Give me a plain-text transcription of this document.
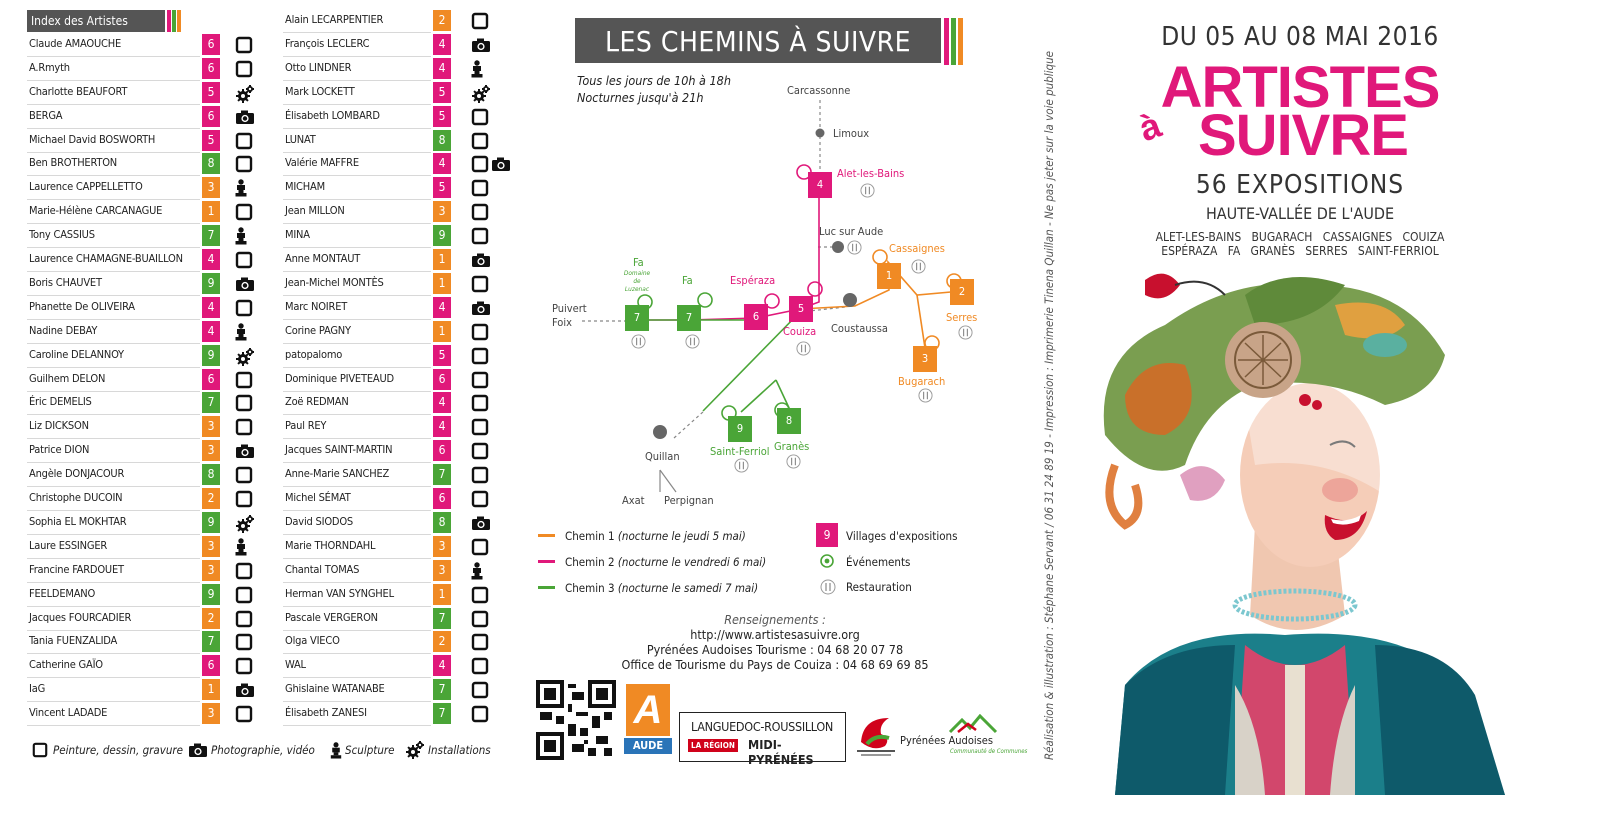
Index des Artistes
Claude AMAOUCHE	6
A.Rmyth	6
Charlotte BEAUFORT	5
BERGA	6
Michael David BOSWORTH	5
Ben BROTHERTON	8
Laurence CAPPELLETTO	3
Marie-Hélène CARCANAGUE	1
Tony CASSIUS	7
Laurence CHAMAGNE-BUAILLON	4
Boris CHAUVET	9
Phanette De OLIVEIRA	4
Nadine DEBAY	4
Caroline DELANNOY	9
Guilhem DELON	6
Éric DEMELIS	7
Liz DICKSON	3
Patrice DION	3
Angèle DONJACOUR	8
Christophe DUCOIN	2
Sophia EL MOKHTAR	9
Laure ESSINGER	3
Francine FARDOUET	3
FEELDEMANO	9
Jacques FOURCADIER	2
Tania FUENZALIDA	7
Catherine GAÏO	6
IaG	1
Vincent LADADE	3
Alain LECARPENTIER	2
François LECLERC	4
Otto LINDNER	4
Mark LOCKETT	5
Élisabeth LOMBARD	5
LUNAT	8
Valérie MAFFRE	4
MICHAM	5
Jean MILLON	3
MINA	9
Anne MONTAUT	1
Jean-Michel MONTÈS	1
Marc NOIRET	4
Corine PAGNY	1
patopalomo	5
Dominique PIVETEAUD	6
Zoë REDMAN	4
Paul REY	4
Jacques SAINT-MARTIN	6
Anne-Marie SANCHEZ	7
Michel SÉMAT	6
David SIODOS	8
Marie THORNDAHL	3
Chantal TOMAS	3
Herman VAN SYNGHEL	1
Pascale VERGERON	7
Olga VIECO	2
WAL	4
Ghislaine WATANABE	7
Élisabeth ZANESI	7
Peinture, dessin, gravure Photographie, vidéo	Sculpture	Installations
LES CHEMINS À SUIVRE
Tous les jours de 10h à 18h
Nocturnes jusqu'à 21h
4
1
2
3
5
6
7
7
9
8
Carcassonne
Limoux
Alet-les-Bains
Luc sur Aude
Cassaignes
Serres
Bugarach
Coustaussa
Couiza
Espéraza
Fa
Fa
Domaine
de
Luzenac
Puivert
Foix
Quillan
Axat Perpignan
Saint-Ferriol Granès
Chemin 1 (nocturne le jeudi 5 mai)
Chemin 2 (nocturne le vendredi 6 mai)
Chemin 3 (nocturne le samedi 7 mai)
9	Villages d'expositions
Événements
Restauration
Renseignements :
http://www.artistesasuivre.org
Pyrénées Audoises Tourisme : 04 68 20 07 78
Office de Tourisme du Pays de Couiza : 04 68 69 69 85
A
AUDE
LANGUEDOC-ROUSSILLON
LA RÉGION MIDI-PYRÉNÉES
Pyrénées Audoises
Communauté de Communes Réalisation & illustration : Stéphane Servant / 06 31 24 89 19 - Impression : Imprimerie Tinena Quillan - Ne pas jeter sur la voie publique
DU 05 AU 08 MAI 2016
ARTISTES
à SUIVRE
56 EXPOSITIONS
HAUTE-VALLÉE DE L'AUDE
ALET-LES-BAINS   BUGARACH   CASSAIGNES   COUIZA
ESPÉRAZA   FA   GRANÈS   SERRES   SAINT-FERRIOL
